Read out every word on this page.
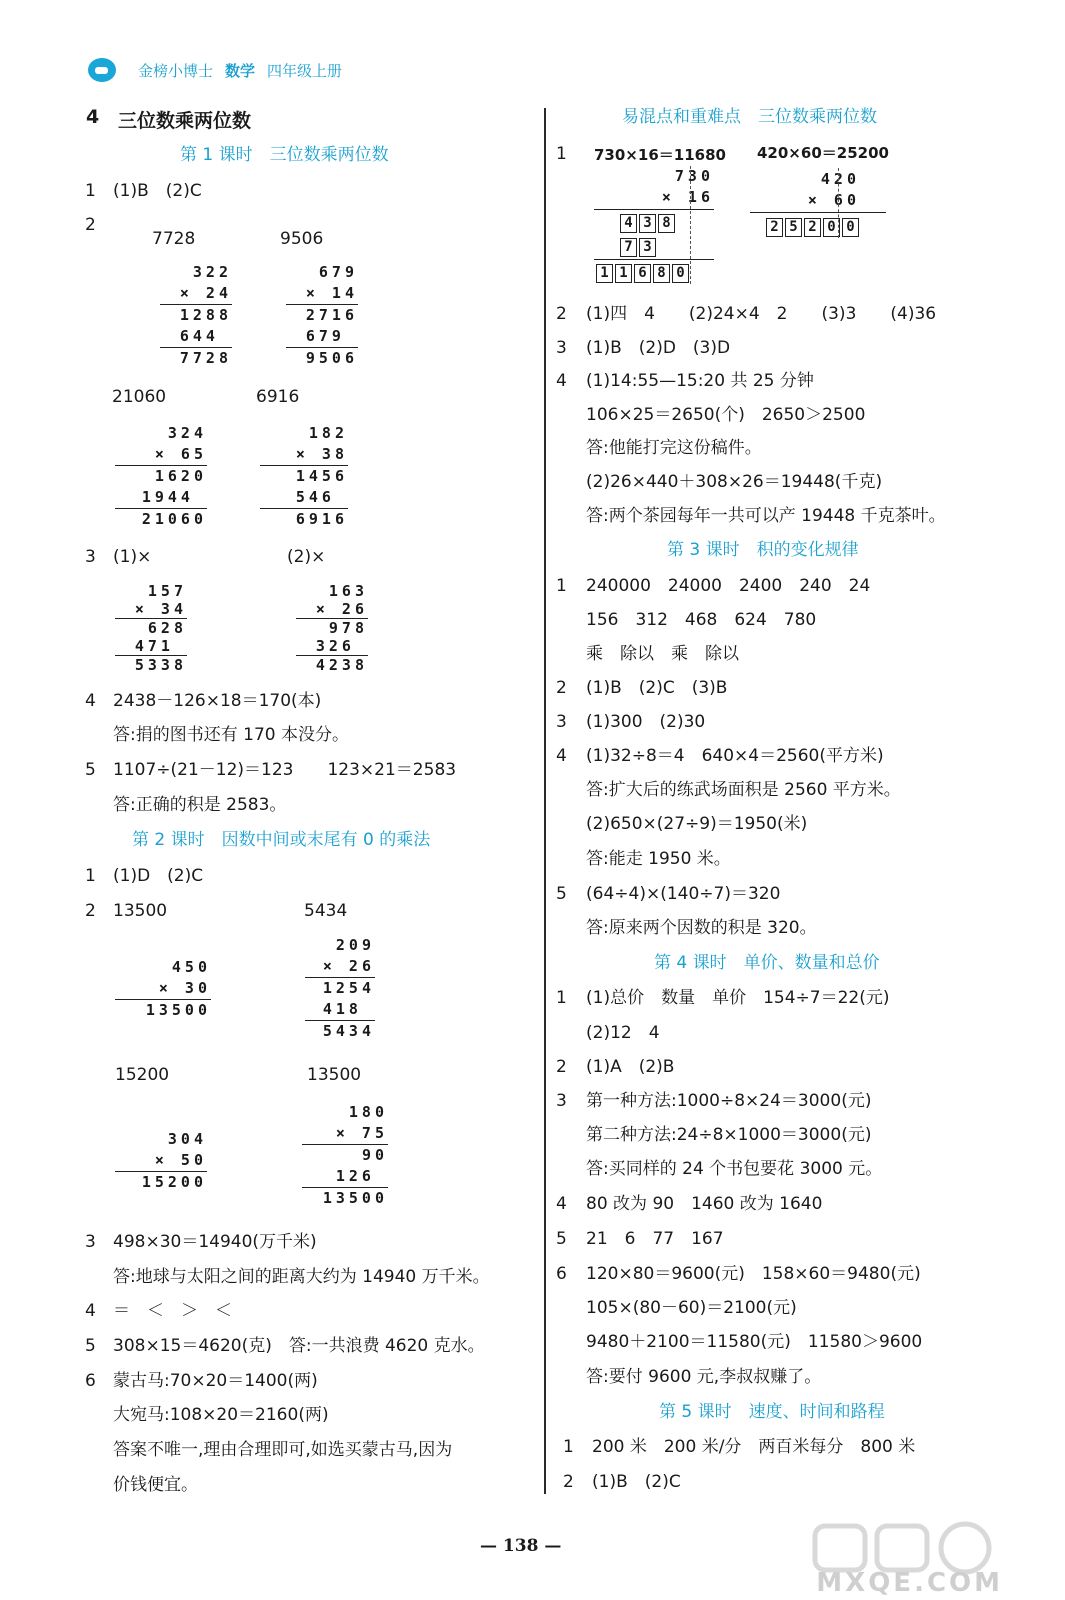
金榜小博士 数学 四年级上册
4 三位数乘两位数
第 1 课时　三位数乘两位数
1 (1)B　(2)C
2
7728	9506
322
× 24
1288
644
7728
679
× 14
2716
679
9506
21060	6916
324
× 65
1620
1944
21060
182
× 38
1456
546
6916
3 (1)×	(2)×
157
× 34
628
471
5338
163
× 26
978
326
4238
4 2438－126×18＝170(本)
答:捐的图书还有 170 本没分。
5 1107÷(21－12)＝123　　123×21＝2583
答:正确的积是 2583。
第 2 课时　因数中间或末尾有 0 的乘法
1 (1)D　(2)C
2 13500	5434
450
× 30
13500
209
× 26
1254
418
5434
15200	13500
304
× 50
15200
180
× 75
90
126
13500
3 498×30＝14940(万千米)
答:地球与太阳之间的距离大约为 14940 万千米。
4 ＝　＜　＞　＜
5 308×15＝4620(克)　答:一共浪费 4620 克水。
6 蒙古马:70×20＝1400(两)
大宛马:108×20＝2160(两)
答案不唯一,理由合理即可,如选买蒙古马,因为
价钱便宜。
易混点和重难点　三位数乘两位数
1 730×16＝11680 420×60＝25200
730
× 16
4 3 8
7 3
1 1 6 8 0
420
× 60
2 5 2 0 0
2 (1)四　4　　(2)24×4　2　　(3)3　　(4)36
3 (1)B　(2)D　(3)D
4 (1)14:55—15:20 共 25 分钟
106×25＝2650(个)　2650＞2500
答:他能打完这份稿件。
(2)26×440＋308×26＝19448(千克)
答:两个茶园每年一共可以产 19448 千克茶叶。
第 3 课时　积的变化规律
1 240000　24000　2400　240　24
156　312　468　624　780
乘　除以　乘　除以
2 (1)B　(2)C　(3)B
3 (1)300　(2)30
4 (1)32÷8＝4　640×4＝2560(平方米)
答:扩大后的练武场面积是 2560 平方米。
(2)650×(27÷9)＝1950(米)
答:能走 1950 米。
5 (64÷4)×(140÷7)＝320
答:原来两个因数的积是 320。
第 4 课时　单价、数量和总价
1 (1)总价　数量　单价　154÷7＝22(元)
(2)12　4
2 (1)A　(2)B
3 第一种方法:1000÷8×24＝3000(元)
第二种方法:24÷8×1000＝3000(元)
答:买同样的 24 个书包要花 3000 元。
4 80 改为 90　1460 改为 1640
5 21　6　77　167
6 120×80＝9600(元)　158×60＝9480(元)
105×(80－60)＝2100(元)
9480＋2100＝11580(元)　11580＞9600
答:要付 9600 元,李叔叔赚了。
第 5 课时　速度、时间和路程
1 200 米　200 米/分　两百米每分　800 米
2 (1)B　(2)C
— 138 —
MXQE.COM
